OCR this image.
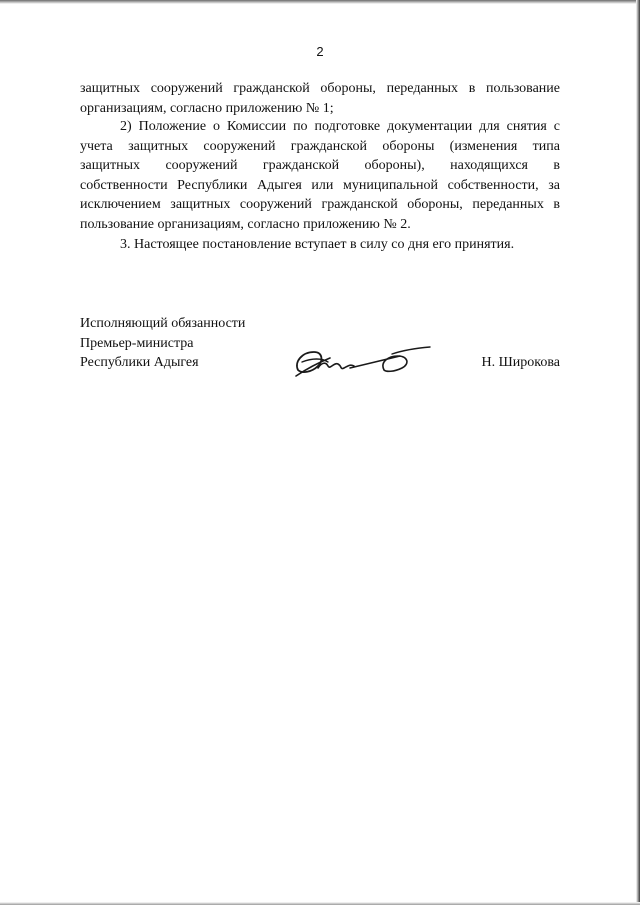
2
защитных сооружений гражданской обороны, переданных в пользование
организациям, согласно приложению № 1;
2) Положение о Комиссии по подготовке документации для снятия с
учета защитных сооружений гражданской обороны (изменения типа
защитных сооружений гражданской обороны), находящихся в
собственности Республики Адыгея или муниципальной собственности, за
исключением защитных сооружений гражданской обороны, переданных в
пользование организациям, согласно приложению № 2.
3. Настоящее постановление вступает в силу со дня его принятия.
Исполняющий обязанности
Премьер-министра
Республики Адыгея	Н. Широкова
